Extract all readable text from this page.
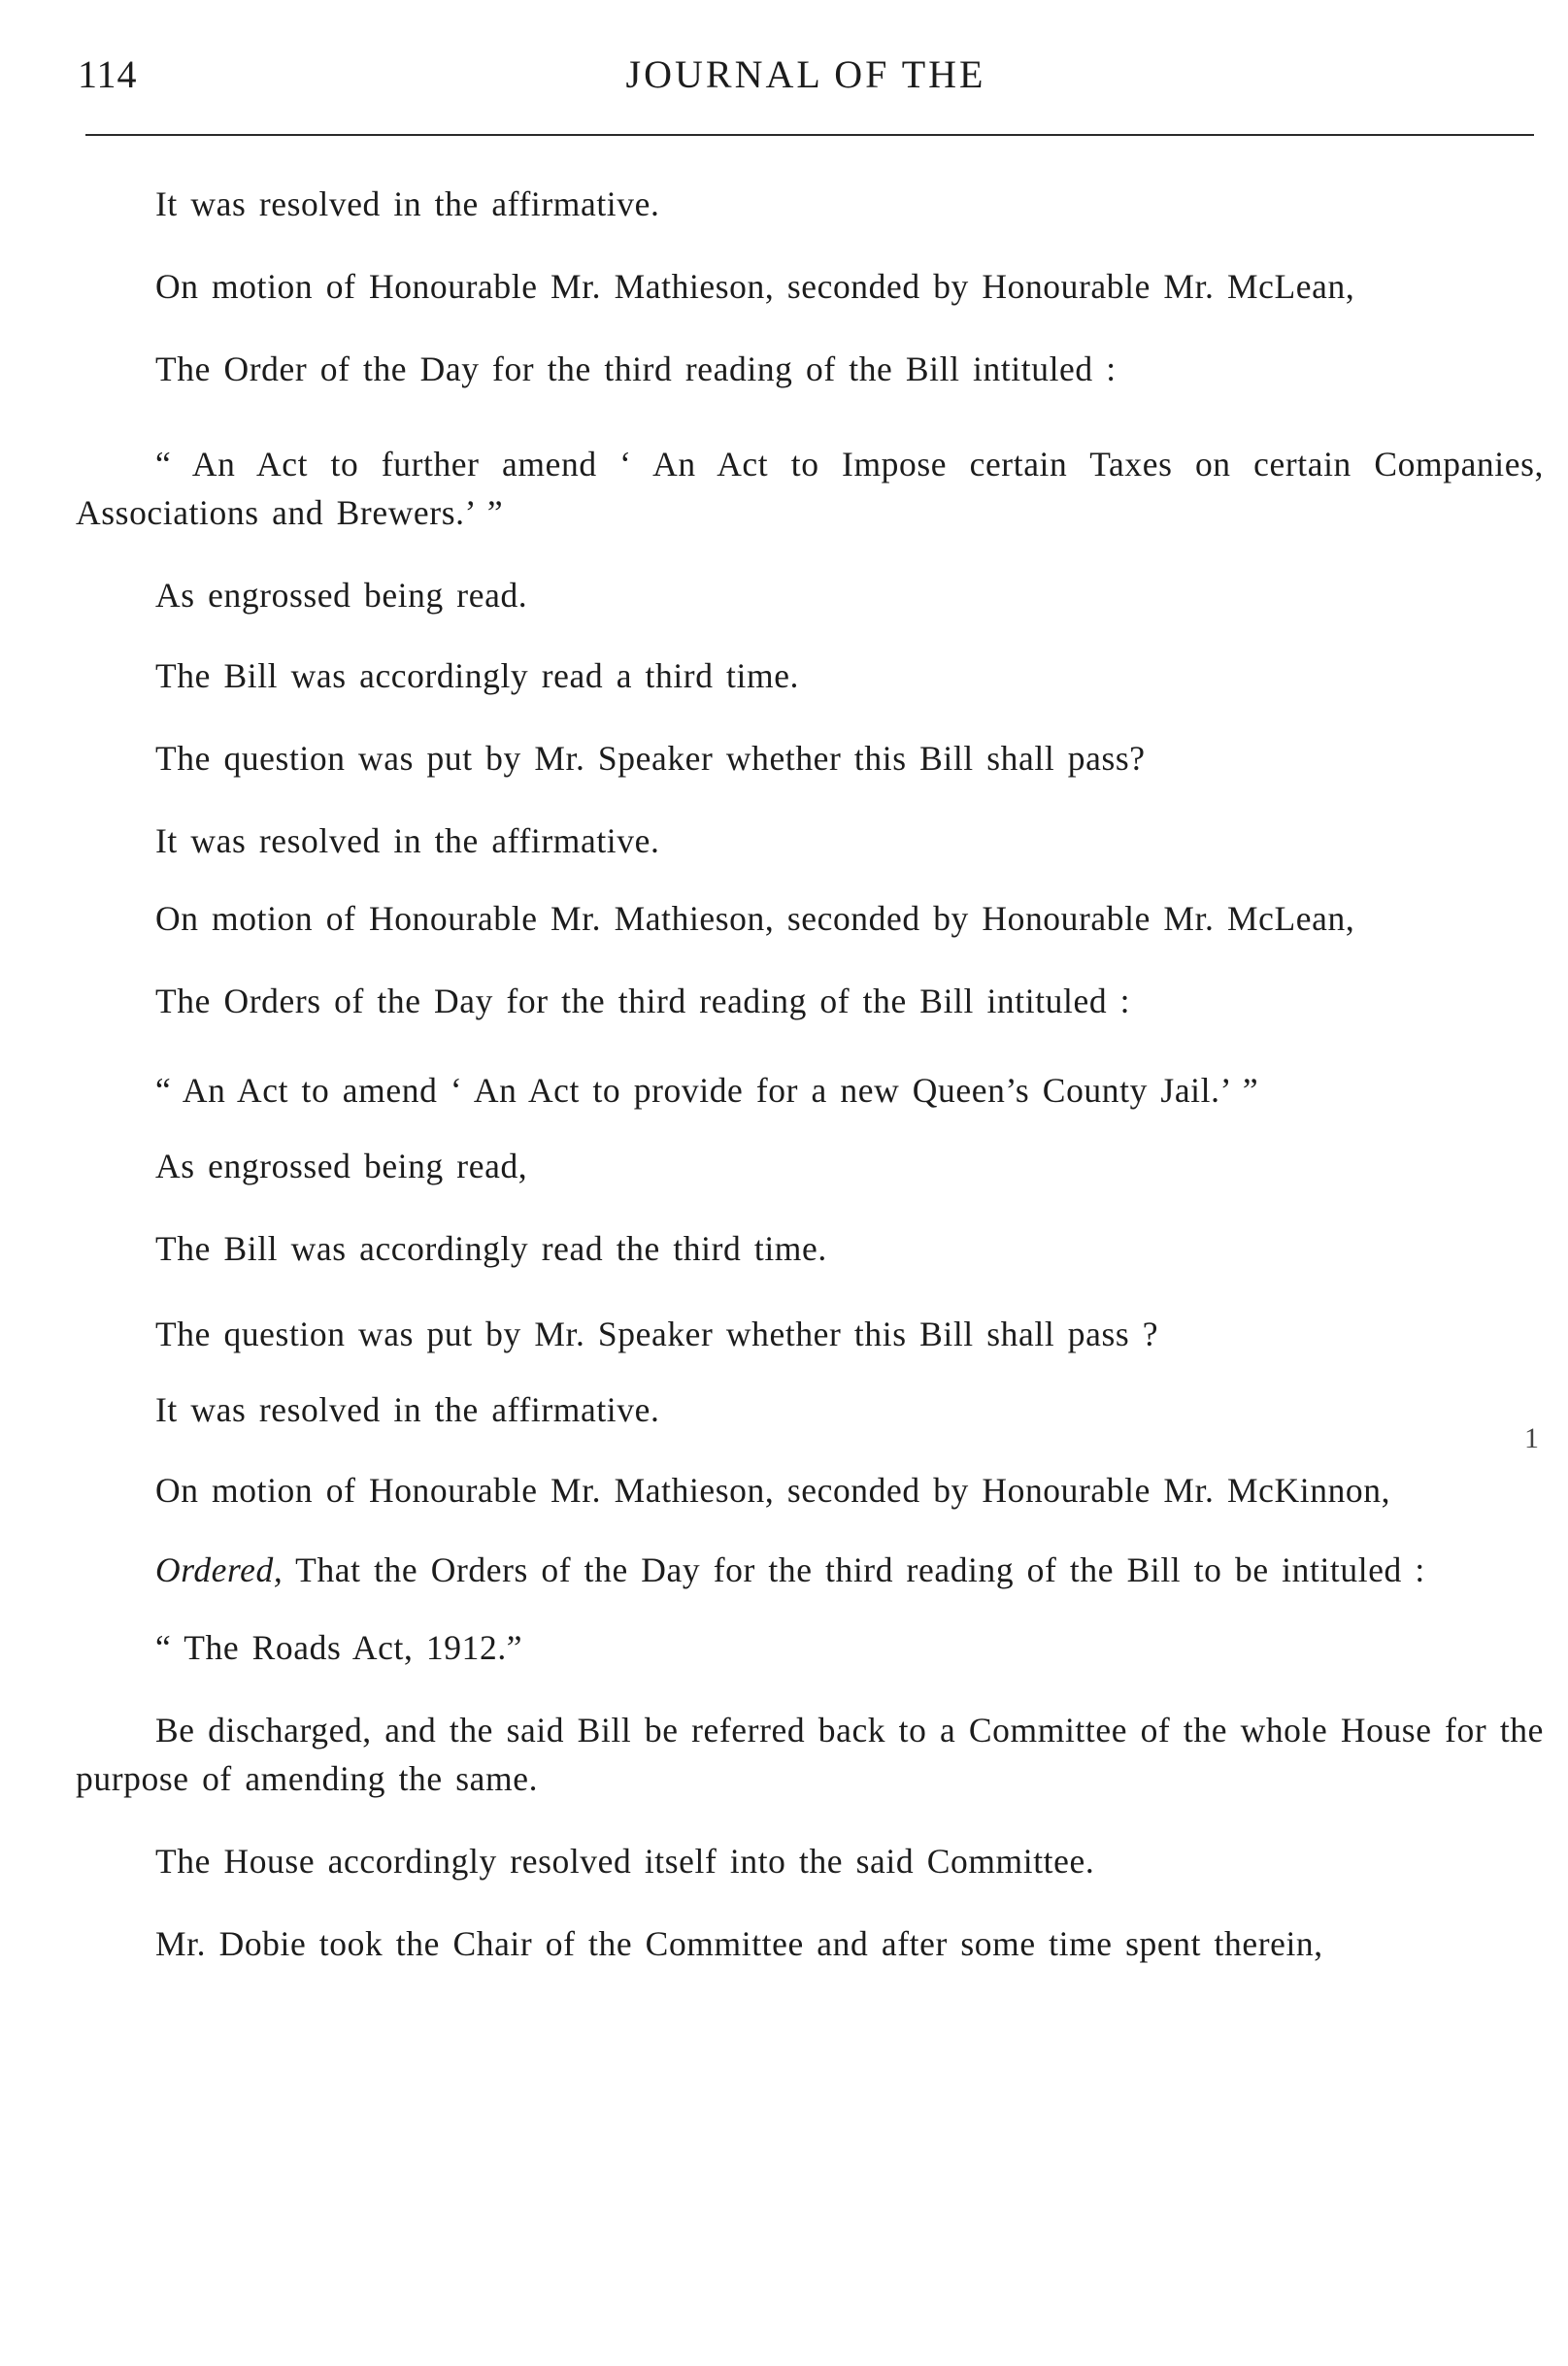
114	JOURNAL OF THE

It was resolved in the affirmative.

On motion of Honourable Mr. Mathieson, seconded by Honourable Mr. McLean,

The Order of the Day for the third reading of the Bill intituled :

“ An Act to further amend ‘ An Act to Impose certain Taxes on certain Companies, Associations and Brewers.’ ”

As engrossed being read.

The Bill was accordingly read a third time.

The question was put by Mr. Speaker whether this Bill shall pass?

It was resolved in the affirmative.

On motion of Honourable Mr. Mathieson, seconded by Honourable Mr. McLean,

The Orders of the Day for the third reading of the Bill intituled :

“ An Act to amend ‘ An Act to provide for a new Queen’s County Jail.’ ”

As engrossed being read,

The Bill was accordingly read the third time.

The question was put by Mr. Speaker whether this Bill shall pass ?

It was resolved in the affirmative.

On motion of Honourable Mr. Mathieson, seconded by Honourable Mr. McKinnon,

Ordered, That the Orders of the Day for the third reading of the Bill to be intituled :

“ The Roads Act, 1912.”

Be discharged, and the said Bill be referred back to a Committee of the whole House for the purpose of amending the same.

The House accordingly resolved itself into the said Committee.

Mr. Dobie took the Chair of the Committee and after some time spent therein,

1
